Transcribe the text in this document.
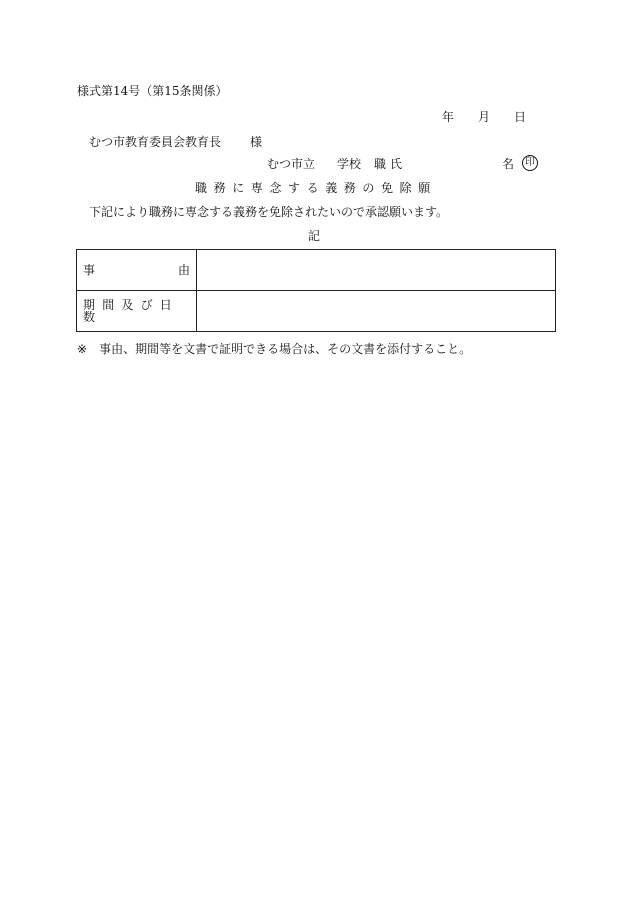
様式第14号（第15条関係）
年 月 日
むつ市教育委員会教育長 様
むつ市立 学校 職 氏	名 印
職務に専念する義務の免除願
下記により職務に専念する義務を免除されたいので承認願います。
記
事 由	

期間及び日数	
※ 事由、期間等を文書で証明できる場合は、その文書を添付すること。
